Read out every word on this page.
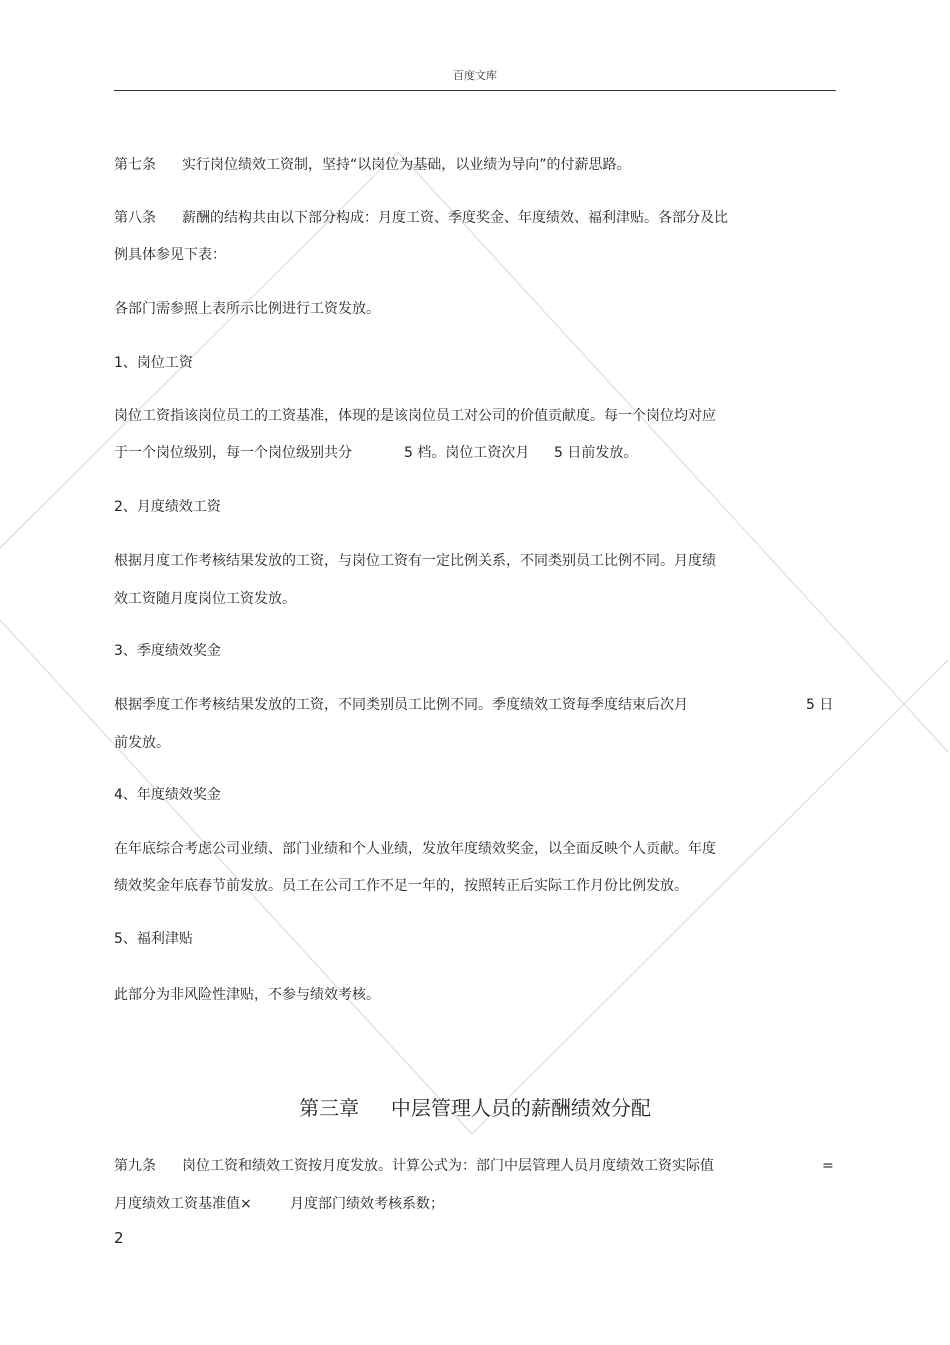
百度文库
第七条 实行岗位绩效工资制，坚持“以岗位为基础，以业绩为导向”的付薪思路。
第八条 薪酬的结构共由以下部分构成：月度工资、季度奖金、年度绩效、福利津贴。各部分及比
例具体参见下表：
各部门需参照上表所示比例进行工资发放。
1、岗位工资
岗位工资指该岗位员工的工资基准，体现的是该岗位员工对公司的价值贡献度。每一个岗位均对应
于一个岗位级别，每一个岗位级别共分	5 档。岗位工资次月 5 日前发放。
2、月度绩效工资
根据月度工作考核结果发放的工资，与岗位工资有一定比例关系，不同类别员工比例不同。月度绩
效工资随月度岗位工资发放。
3、季度绩效奖金
根据季度工作考核结果发放的工资，不同类别员工比例不同。季度绩效工资每季度结束后次月	5 日
前发放。
4、年度绩效奖金
在年底综合考虑公司业绩、部门业绩和个人业绩，发放年度绩效奖金，以全面反映个人贡献。年度
绩效奖金年底春节前发放。员工在公司工作不足一年的，按照转正后实际工作月份比例发放。
5、福利津贴
此部分为非风险性津贴，不参与绩效考核。
第三章     中层管理人员的薪酬绩效分配
第九条 岗位工资和绩效工资按月度发放。计算公式为：部门中层管理人员月度绩效工资实际值	=
月度绩效工资基准值×	月度部门绩效考核系数；
2
